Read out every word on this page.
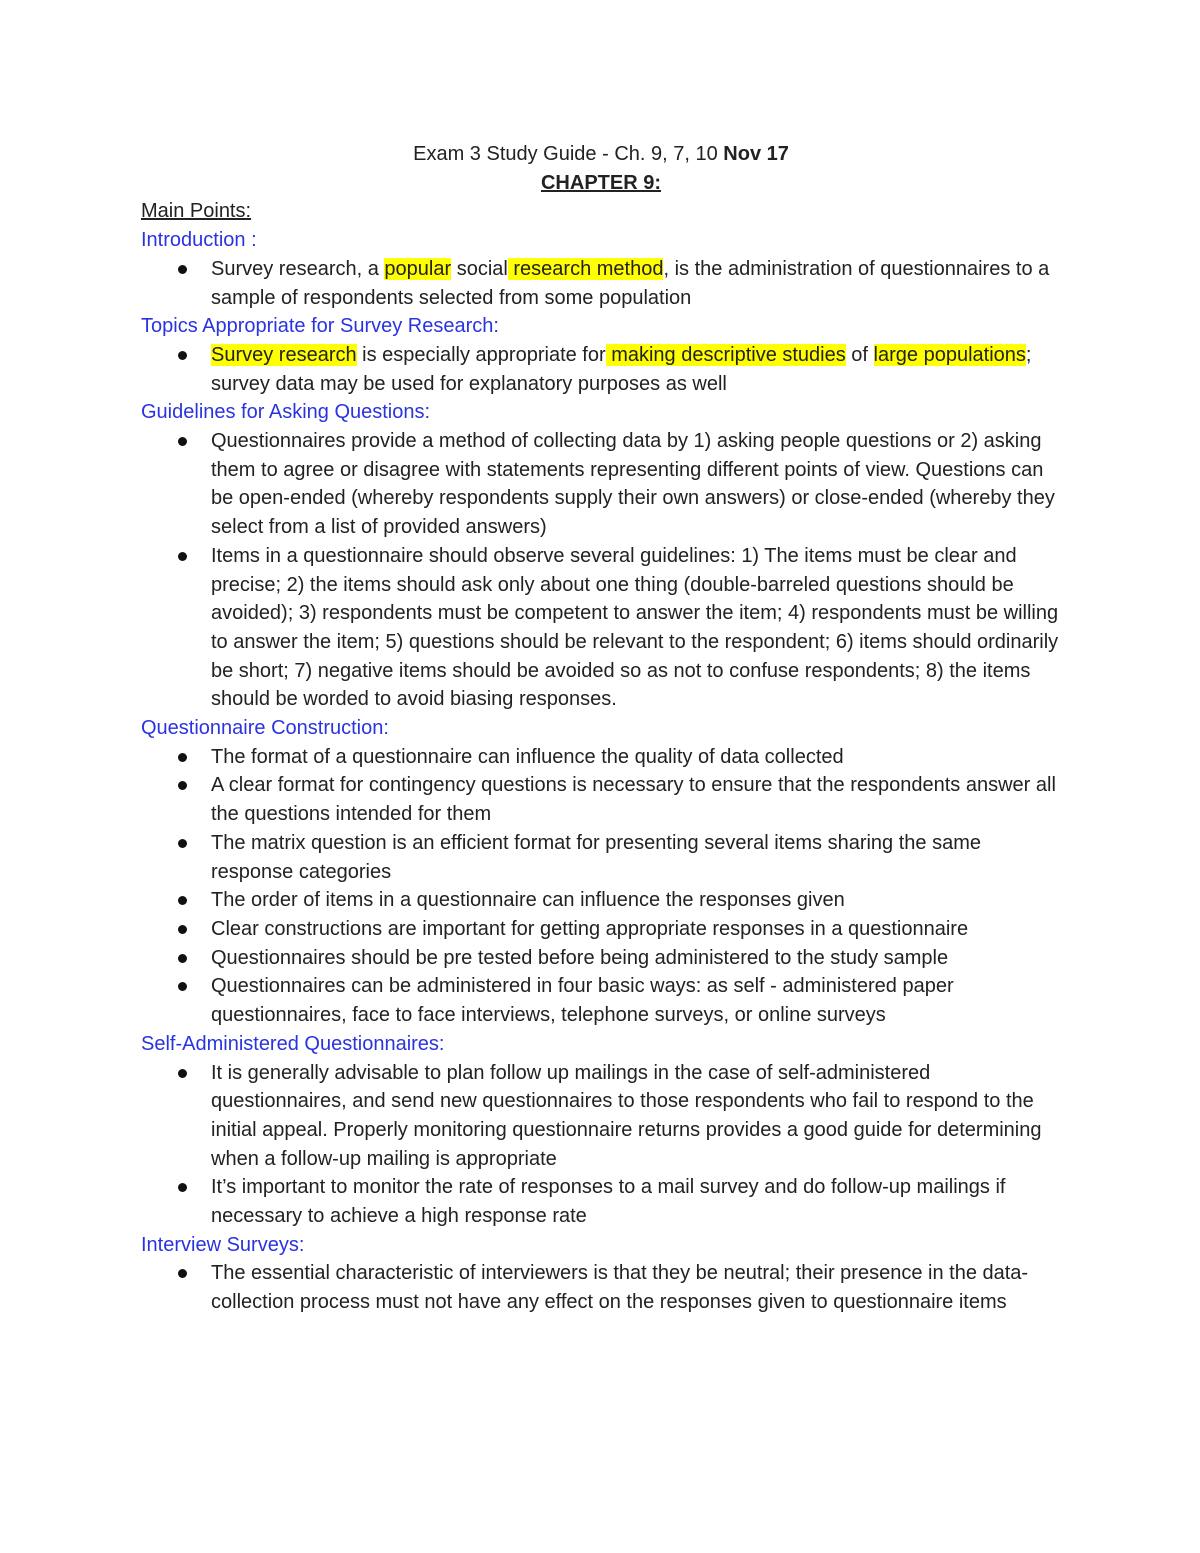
Exam 3 Study Guide - Ch. 9, 7, 10 Nov 17
CHAPTER 9:
Main Points:
Introduction :
Survey research, a popular social research method, is the administration of questionnaires to a sample of respondents selected from some population
Topics Appropriate for Survey Research:
Survey research is especially appropriate for making descriptive studies of large populations; survey data may be used for explanatory purposes as well
Guidelines for Asking Questions:
Questionnaires provide a method of collecting data by 1) asking people questions or 2) asking them to agree or disagree with statements representing different points of view. Questions can be open-ended (whereby respondents supply their own answers) or close-ended (whereby they select from a list of provided answers)
Items in a questionnaire should observe several guidelines: 1) The items must be clear and precise; 2) the items should ask only about one thing (double-barreled questions should be avoided); 3) respondents must be competent to answer the item; 4) respondents must be willing to answer the item; 5) questions should be relevant to the respondent; 6) items should ordinarily be short; 7) negative items should be avoided so as not to confuse respondents; 8) the items should be worded to avoid biasing responses.
Questionnaire Construction:
The format of a questionnaire can influence the quality of data collected
A clear format for contingency questions is necessary to ensure that the respondents answer all the questions intended for them
The matrix question is an efficient format for presenting several items sharing the same response categories
The order of items in a questionnaire can influence the responses given
Clear constructions are important for getting appropriate responses in a questionnaire
Questionnaires should be pre tested before being administered to the study sample
Questionnaires can be administered in four basic ways: as self - administered paper questionnaires, face to face interviews, telephone surveys, or online surveys
Self-Administered Questionnaires:
It is generally advisable to plan follow up mailings in the case of self-administered questionnaires, and send new questionnaires to those respondents who fail to respond to the initial appeal. Properly monitoring questionnaire returns provides a good guide for determining when a follow-up mailing is appropriate
It’s important to monitor the rate of responses to a mail survey and do follow-up mailings if necessary to achieve a high response rate
Interview Surveys:
The essential characteristic of interviewers is that they be neutral; their presence in the data-collection process must not have any effect on the responses given to questionnaire items
